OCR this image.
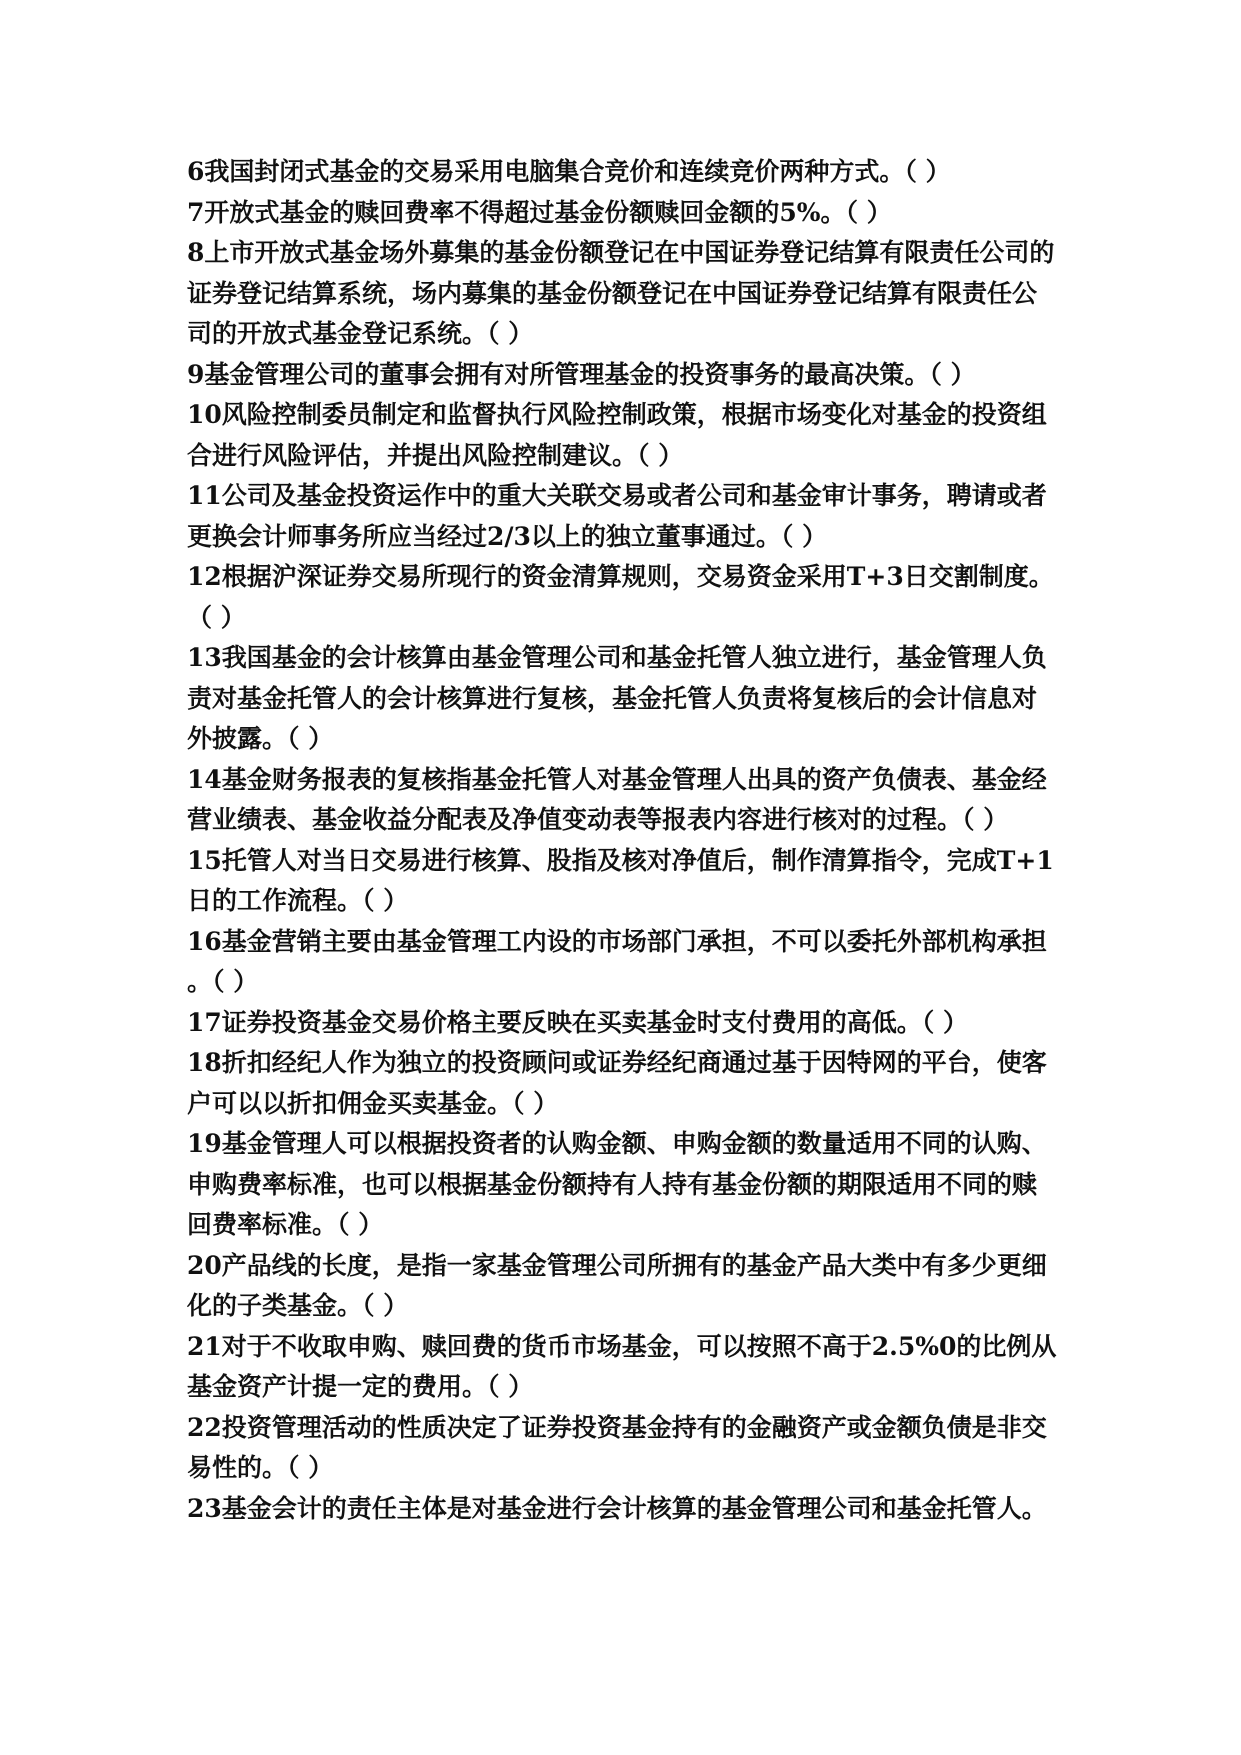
6我国封闭式基金的交易采用电脑集合竞价和连续竞价两种方式。（ ）
7开放式基金的赎回费率不得超过基金份额赎回金额的5%。（ ）
8上市开放式基金场外募集的基金份额登记在中国证券登记结算有限责任公司的
证券登记结算系统，场内募集的基金份额登记在中国证券登记结算有限责任公
司的开放式基金登记系统。（ ）
9基金管理公司的董事会拥有对所管理基金的投资事务的最高决策。（ ）
10风险控制委员制定和监督执行风险控制政策，根据市场变化对基金的投资组
合进行风险评估，并提出风险控制建议。（ ）
11公司及基金投资运作中的重大关联交易或者公司和基金审计事务，聘请或者
更换会计师事务所应当经过2/3以上的独立董事通过。（ ）
12根据沪深证券交易所现行的资金清算规则，交易资金采用T+3日交割制度。
（ ）
13我国基金的会计核算由基金管理公司和基金托管人独立进行，基金管理人负
责对基金托管人的会计核算进行复核，基金托管人负责将复核后的会计信息对
外披露。（ ）
14基金财务报表的复核指基金托管人对基金管理人出具的资产负债表、基金经
营业绩表、基金收益分配表及净值变动表等报表内容进行核对的过程。（ ）
15托管人对当日交易进行核算、股指及核对净值后，制作清算指令，完成T+1
日的工作流程。（ ）
16基金营销主要由基金管理工内设的市场部门承担，不可以委托外部机构承担
。（ ）
17证券投资基金交易价格主要反映在买卖基金时支付费用的高低。（ ）
18折扣经纪人作为独立的投资顾问或证券经纪商通过基于因特网的平台，使客
户可以以折扣佣金买卖基金。（ ）
19基金管理人可以根据投资者的认购金额、申购金额的数量适用不同的认购、
申购费率标准，也可以根据基金份额持有人持有基金份额的期限适用不同的赎
回费率标准。（ ）
20产品线的长度，是指一家基金管理公司所拥有的基金产品大类中有多少更细
化的子类基金。（ ）
21对于不收取申购、赎回费的货币市场基金，可以按照不高于2.5%0的比例从
基金资产计提一定的费用。（ ）
22投资管理活动的性质决定了证券投资基金持有的金融资产或金额负债是非交
易性的。（ ）
23基金会计的责任主体是对基金进行会计核算的基金管理公司和基金托管人。
